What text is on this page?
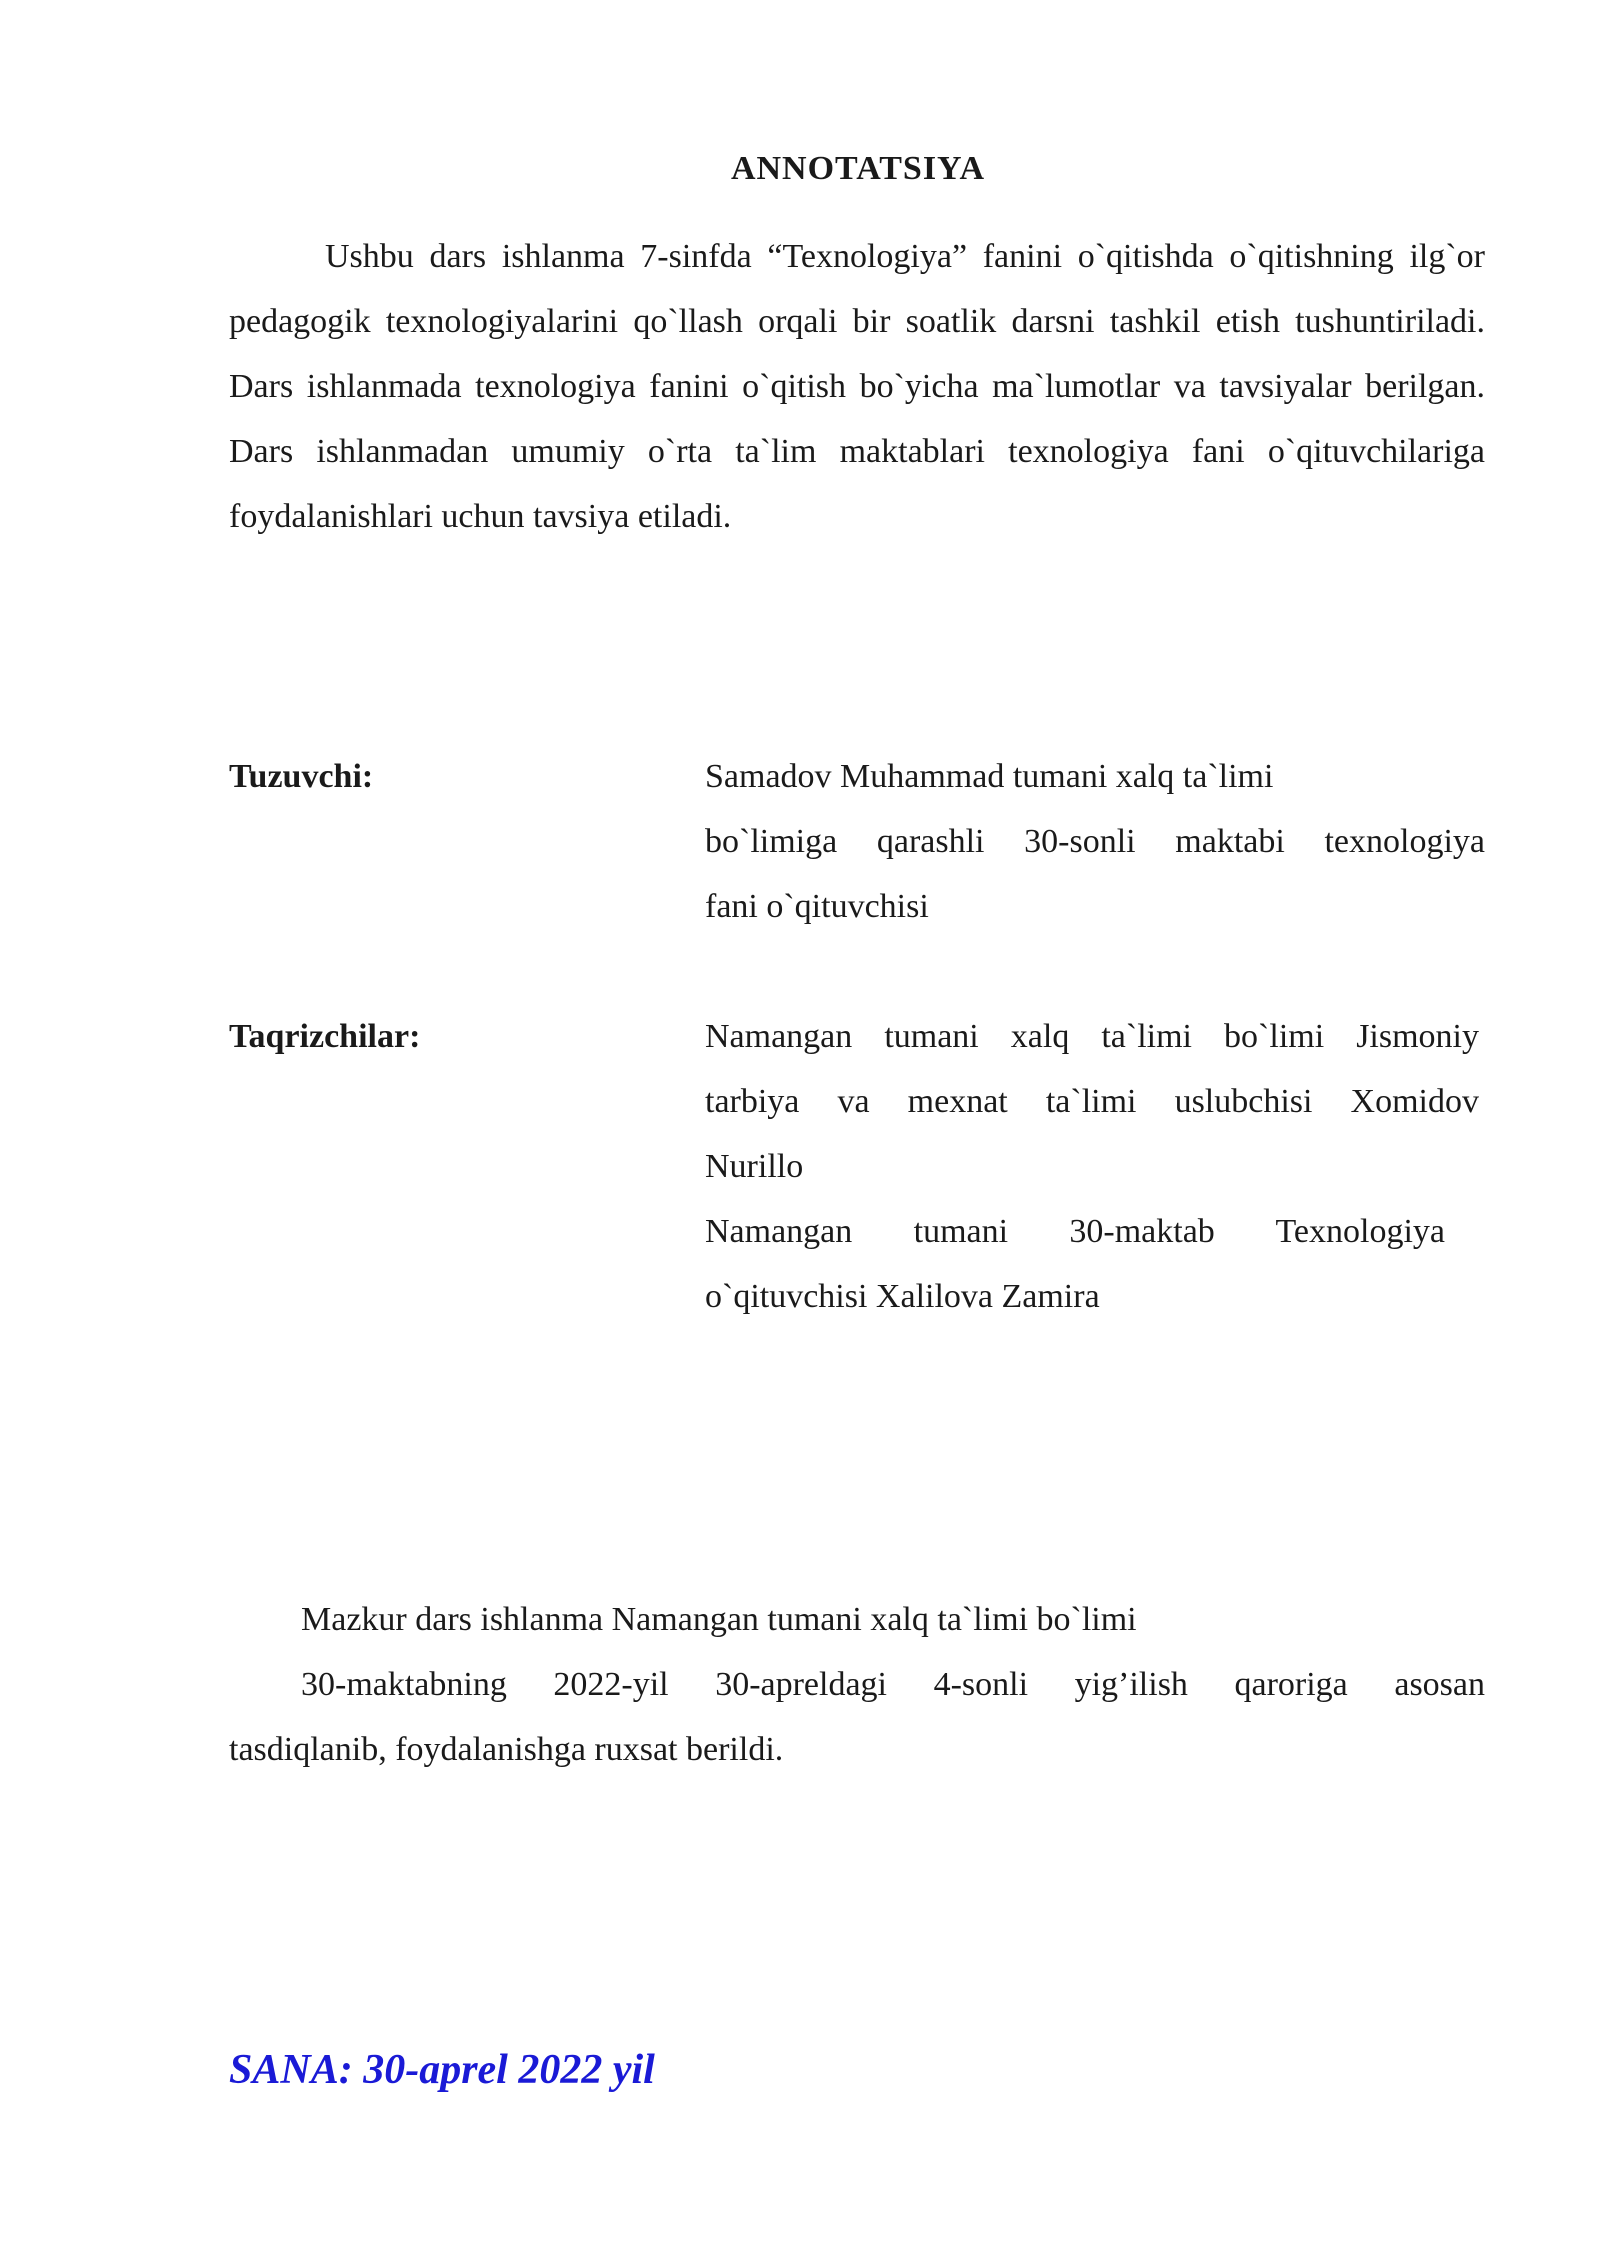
ANNOTATSIYA

Ushbu dars ishlanma 7-sinfda “Texnologiya” fanini o`qitishda o`qitishning ilg`or pedagogik texnologiyalarini qo`llash orqali bir soatlik darsni tashkil etish tushuntiriladi. Dars ishlanmada texnologiya fanini o`qitish bo`yicha ma`lumotlar va tavsiyalar berilgan. Dars ishlanmadan umumiy o`rta ta`lim maktablari texnologiya fani o`qituvchilariga foydalanishlari uchun tavsiya etiladi.

Tuzuvchi:	Samadov Muhammad tumani xalq ta`limi
bo`limiga qarashli 30-sonli maktabi texnologiya
fani o`qituvchisi
Taqrizchilar:	Namangan tumani xalq ta`limi bo`limi Jismoniy
tarbiya va mexnat ta`limi uslubchisi Xomidov
Nurillo
Namangan tumani 30-maktab Texnologiya
o`qituvchisi Xalilova Zamira
Mazkur dars ishlanma Namangan tumani xalq ta`limi bo`limi
30-maktabning 2022-yil 30-apreldagi 4-sonli yig’ilish qaroriga asosan
tasdiqlanib, foydalanishga ruxsat berildi.
SANA: 30-aprel 2022 yil
